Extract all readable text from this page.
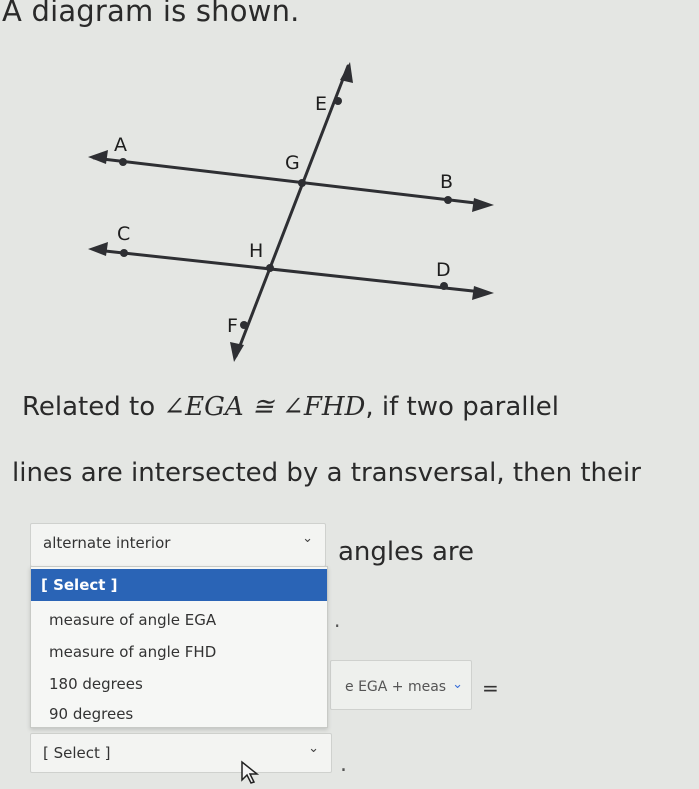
A diagram is shown.
E
A
G
B
C
H
D
F
Related to ∠EGA ≅ ∠FHD, if two parallel
lines are intersected by a transversal, then their
alternate interior	⌄ angles are
.
e EGA + meas ⌄ =
[ Select ]	⌄
.
[ Select ]
measure of angle EGA
measure of angle FHD
180 degrees
90 degrees
